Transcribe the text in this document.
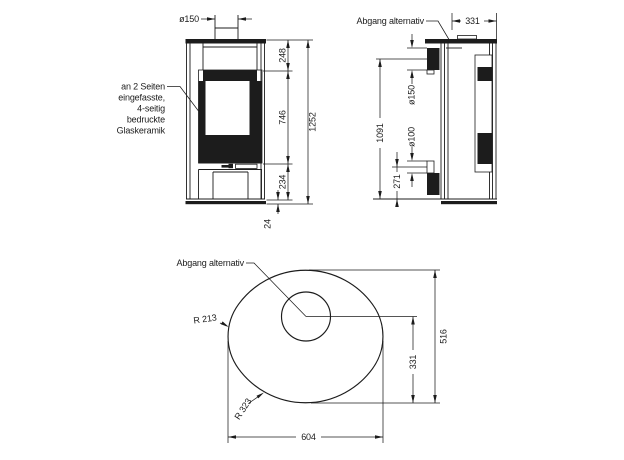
ø150
248
746
234
24
1252
an 2 Seiten
eingefasste,
4-seitig
bedruckte
Glaskeramik
Abgang alternativ	331
ø150
ø100
1091
271
Abgang alternativ
R 213
R 323
604
516
331
